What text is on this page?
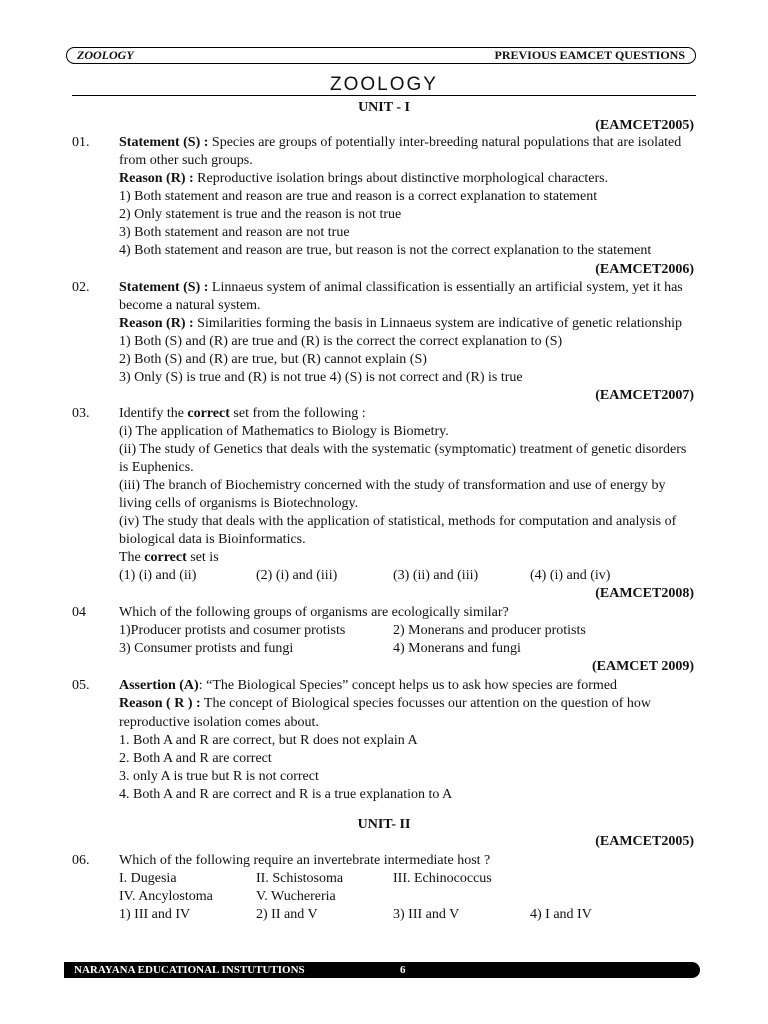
ZOOLOGY	PREVIOUS EAMCET QUESTIONS
ZOOLOGY
UNIT - I
(EAMCET2005)
01. Statement (S) : Species are groups of potentially inter-breeding natural populations that are isolated
from other such groups.
Reason (R) : Reproductive isolation brings about distinctive morphological characters.
1) Both statement and reason are true and reason is a correct explanation to statement
2) Only statement is true and the reason is not true
3) Both statement and reason are not true
4) Both statement and reason are true, but reason is not the correct explanation to the statement
(EAMCET2006)
02. Statement (S) : Linnaeus system of animal classification is essentially an artificial system, yet it has
become a natural system.
Reason (R) : Similarities forming the basis in Linnaeus system are indicative of genetic relationship
1) Both (S) and (R) are true and (R) is the correct the correct explanation to (S)
2) Both (S) and (R) are true, but (R) cannot explain (S)
3) Only (S) is true and (R) is not true 4) (S) is not correct and (R) is true
(EAMCET2007)
03. Identify the correct set from the following :
(i) The application of Mathematics to Biology is Biometry.
(ii) The study of Genetics that deals with the systematic (symptomatic) treatment of genetic disorders
is Euphenics.
(iii) The branch of Biochemistry concerned with the study of transformation and use of energy by
living cells of organisms is Biotechnology.
(iv) The study that deals with the application of statistical, methods for computation and analysis of
biological data is Bioinformatics.
The correct set is
(1) (i) and (ii)	(2) (i) and (iii)	(3) (ii) and (iii)	(4) (i) and (iv)
(EAMCET2008)
04 Which of the following groups of organisms are ecologically similar?
1)Producer protists and cosumer protists	2) Monerans and producer protists
3) Consumer protists and fungi	4) Monerans and fungi
(EAMCET 2009)
05. Assertion (A): “The Biological Species” concept helps us to ask how species are formed
Reason ( R ) : The concept of Biological species focusses our attention on the question of how
reproductive isolation comes about.
1. Both A and R are correct, but R does not explain A
2. Both A and R are correct
3. only A is true but R is not correct
4. Both A and R are correct and R is a true explanation to A
UNIT- II
(EAMCET2005)
06. Which of the following require an invertebrate intermediate host ?
I. Dugesia	II. Schistosoma	III. Echinococcus
IV. Ancylostoma	V. Wuchereria
1) III and IV	2) II and V	3) III and V	4) I and IV
NARAYANA EDUCATIONAL INSTUTUTIONS	6
